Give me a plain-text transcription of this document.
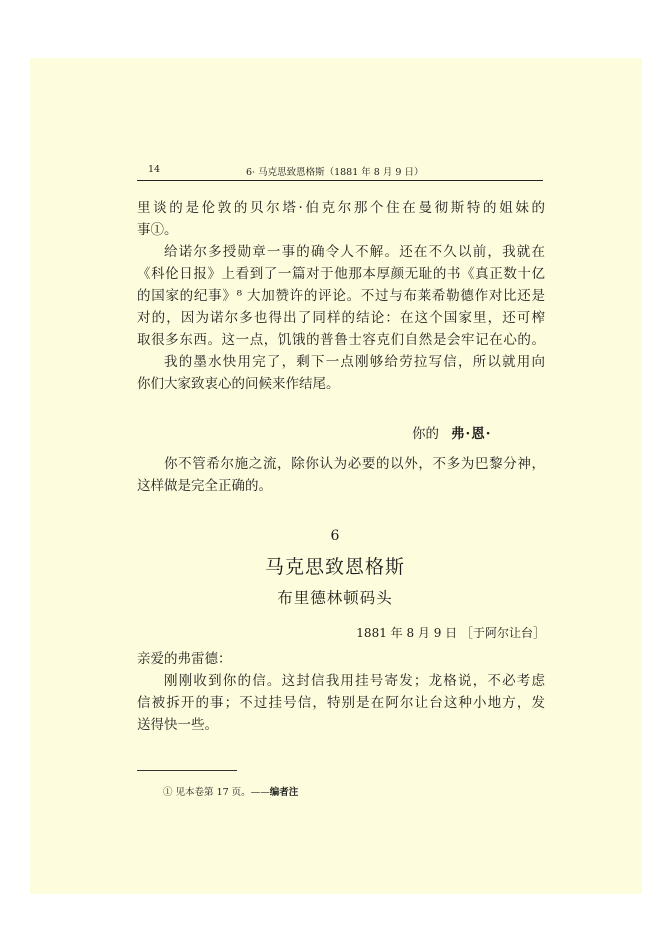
14	6· 马克思致恩格斯（1881 年 8 月 9 日）
里谈的是伦敦的贝尔塔·伯克尔那个住在曼彻斯特的姐妹的
事①。
给诺尔多授勋章一事的确令人不解。还在不久以前，我就在
《科伦日报》上看到了一篇对于他那本厚颜无耻的书《真正数十亿
的国家的纪事》⁸ 大加赞许的评论。不过与布莱希勒德作对比还是
对的，因为诺尔多也得出了同样的结论：在这个国家里，还可榨
取很多东西。这一点，饥饿的普鲁士容克们自然是会牢记在心的。
我的墨水快用完了，剩下一点刚够给劳拉写信，所以就用向
你们大家致衷心的问候来作结尾。
你的 弗·恩·
你不管希尔施之流，除你认为必要的以外，不多为巴黎分神，
这样做是完全正确的。
6
马克思致恩格斯
布里德林顿码头
1881 年 8 月 9 日 ［于阿尔让台］
亲爱的弗雷德：
刚刚收到你的信。这封信我用挂号寄发；龙格说，不必考虑
信被拆开的事；不过挂号信，特别是在阿尔让台这种小地方，发
送得快一些。
① 见本卷第 17 页。——编者注
